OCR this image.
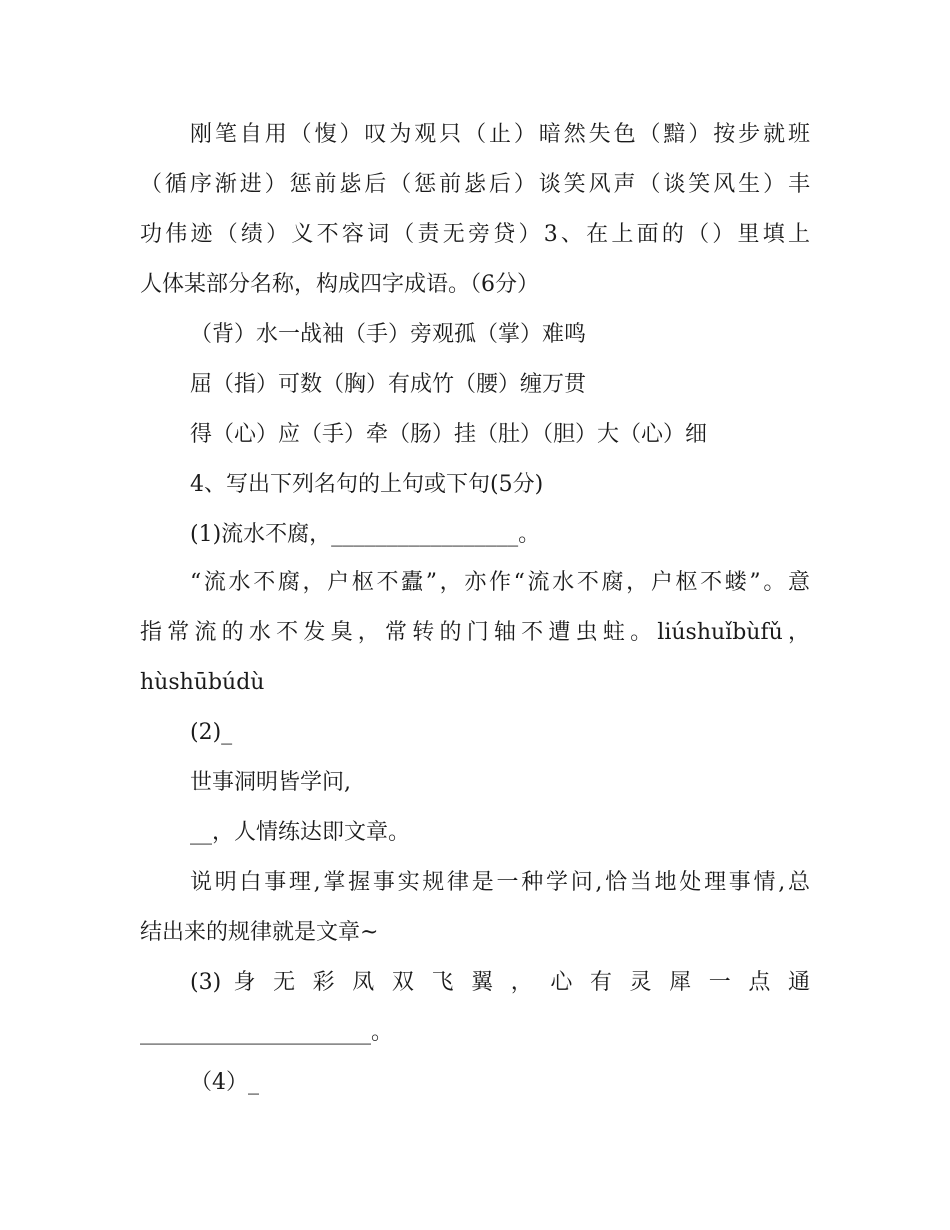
刚笔自用（愎）叹为观只（止）暗然失色（黯）按步就班
（循序渐进）惩前毖后（惩前毖后）谈笑风声（谈笑风生）丰
功伟迹（绩）义不容词（责无旁贷）3、在上面的（）里填上
人体某部分名称，构成四字成语。（6分）
（背）水一战袖（手）旁观孤（掌）难鸣
屈（指）可数（胸）有成竹（腰）缠万贯
得（心）应（手）牵（肠）挂（肚）（胆）大（心）细
4、写出下列名句的上句或下句(5分)
(1)流水不腐，_________________。
“流水不腐，户枢不蠹”，亦作“流水不腐，户枢不蝼”。意
指常流的水不发臭，常转的门轴不遭虫蛀。liúshuǐbùfǔ，
hùshūbúdù
(2)_
世事洞明皆学问,
__，人情练达即文章。
说明白事理,掌握事实规律是一种学问,恰当地处理事情,总
结出来的规律就是文章~
(3) 身 无 彩 凤 双 飞 翼 ， 心 有 灵 犀 一 点 通
_____________________。
（4）_
